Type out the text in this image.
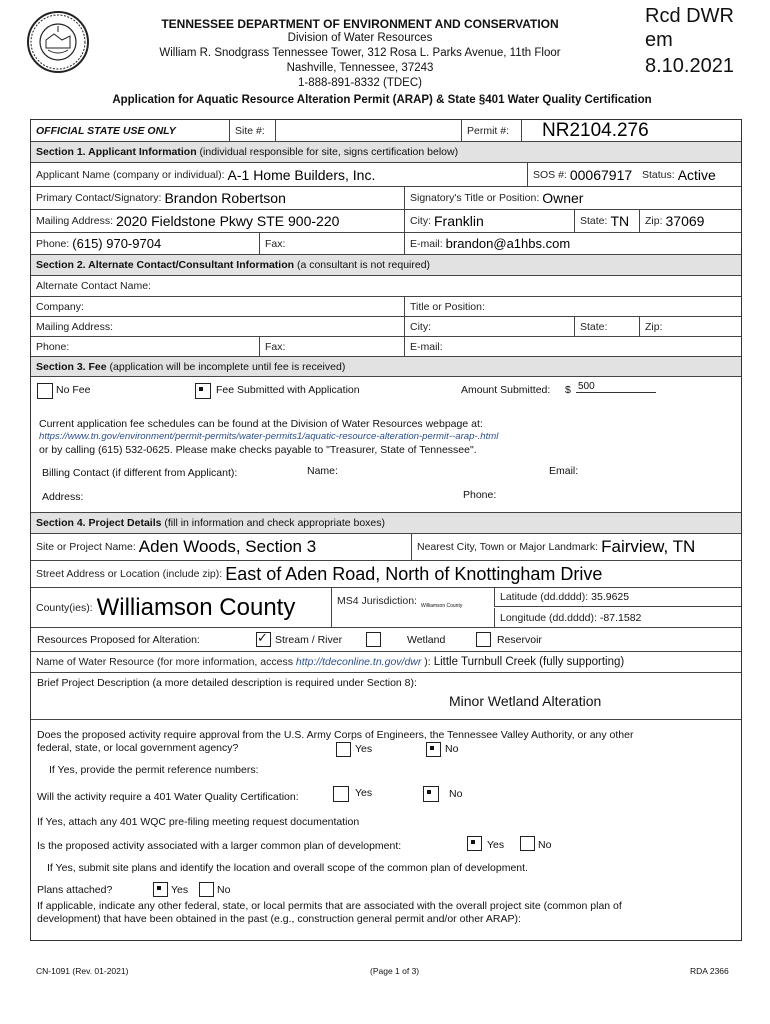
TENNESSEE DEPARTMENT OF ENVIRONMENT AND CONSERVATION
Division of Water Resources
William R. Snodgrass Tennessee Tower, 312 Rosa L. Parks Avenue, 11th Floor
Nashville, Tennessee, 37243
1-888-891-8332 (TDEC)
Application for Aquatic Resource Alteration Permit (ARAP) & State §401 Water Quality Certification
Rcd DWR
em
8.10.2021
OFFICIAL STATE USE ONLY	Site #:	Permit #:	NR2104.276
Section 1. Applicant Information
(individual responsible for site, signs certification below)
Applicant Name (company or individual): A-1 Home Builders, Inc.	SOS #: 00067917 Status: Active
Primary Contact/Signatory: Brandon Robertson	Signatory's Title or Position: Owner
Mailing Address: 2020 Fieldstone Pkwy STE 900-220	City: Franklin	State: TN Zip: 37069
Phone: (615) 970-9704	Fax:	E-mail: brandon@a1hbs.com
Section 2. Alternate Contact/Consultant Information
(a consultant is not required)
Alternate Contact Name:
Company:	Title or Position:
Mailing Address:	City:	State:	Zip:
Phone:	Fax:	E-mail:
Section 3. Fee
(application will be incomplete until fee is received)
No Fee	Fee Submitted with Application	Amount Submitted: $ 500
Current application fee schedules can be found at the Division of Water Resources webpage at:
https://www.tn.gov/environment/permit-permits/water-permits1/aquatic-resource-alteration-permit--arap-.html
or by calling (615) 532-0625. Please make checks payable to "Treasurer, State of Tennessee".
Billing Contact (if different from Applicant):	Name:	Email:
Address:	Phone:
Section 4. Project Details
(fill in information and check appropriate boxes)
Site or Project Name: Aden Woods, Section 3	Nearest City, Town or Major Landmark: Fairview, TN
Street Address or Location (include zip): East of Aden Road, North of Knottingham Drive
County(ies): Williamson County	MS4 Jurisdiction: Williamson County
Latitude (dd.dddd): 35.9625
Longitude (dd.dddd): -87.1582
Resources Proposed for Alteration:
✓	Stream / River	Wetland	Reservoir
Name of Water Resource (for more information, access
http://tdeconline.tn.gov/dwr
): Little Turnbull Creek (fully supporting)
Brief Project Description (a more detailed description is required under Section 8):
Minor Wetland Alteration
Does the proposed activity require approval from the U.S. Army Corps of Engineers, the Tennessee Valley Authority, or any other
federal, state, or local government agency?	Yes	No
If Yes, provide the permit reference numbers:
Will the activity require a 401 Water Quality Certification:	Yes	No
If Yes, attach any 401 WQC pre-filing meeting request documentation
Is the proposed activity associated with a larger common plan of development:	Yes	No
If Yes, submit site plans and identify the location and overall scope of the common plan of development.
Plans attached?	Yes	No
If applicable, indicate any other federal, state, or local permits that are associated with the overall project site (common plan of
development) that have been obtained in the past (e.g., construction general permit and/or other ARAP):
CN-1091 (Rev. 01-2021)	(Page 1 of 3)	RDA 2366
